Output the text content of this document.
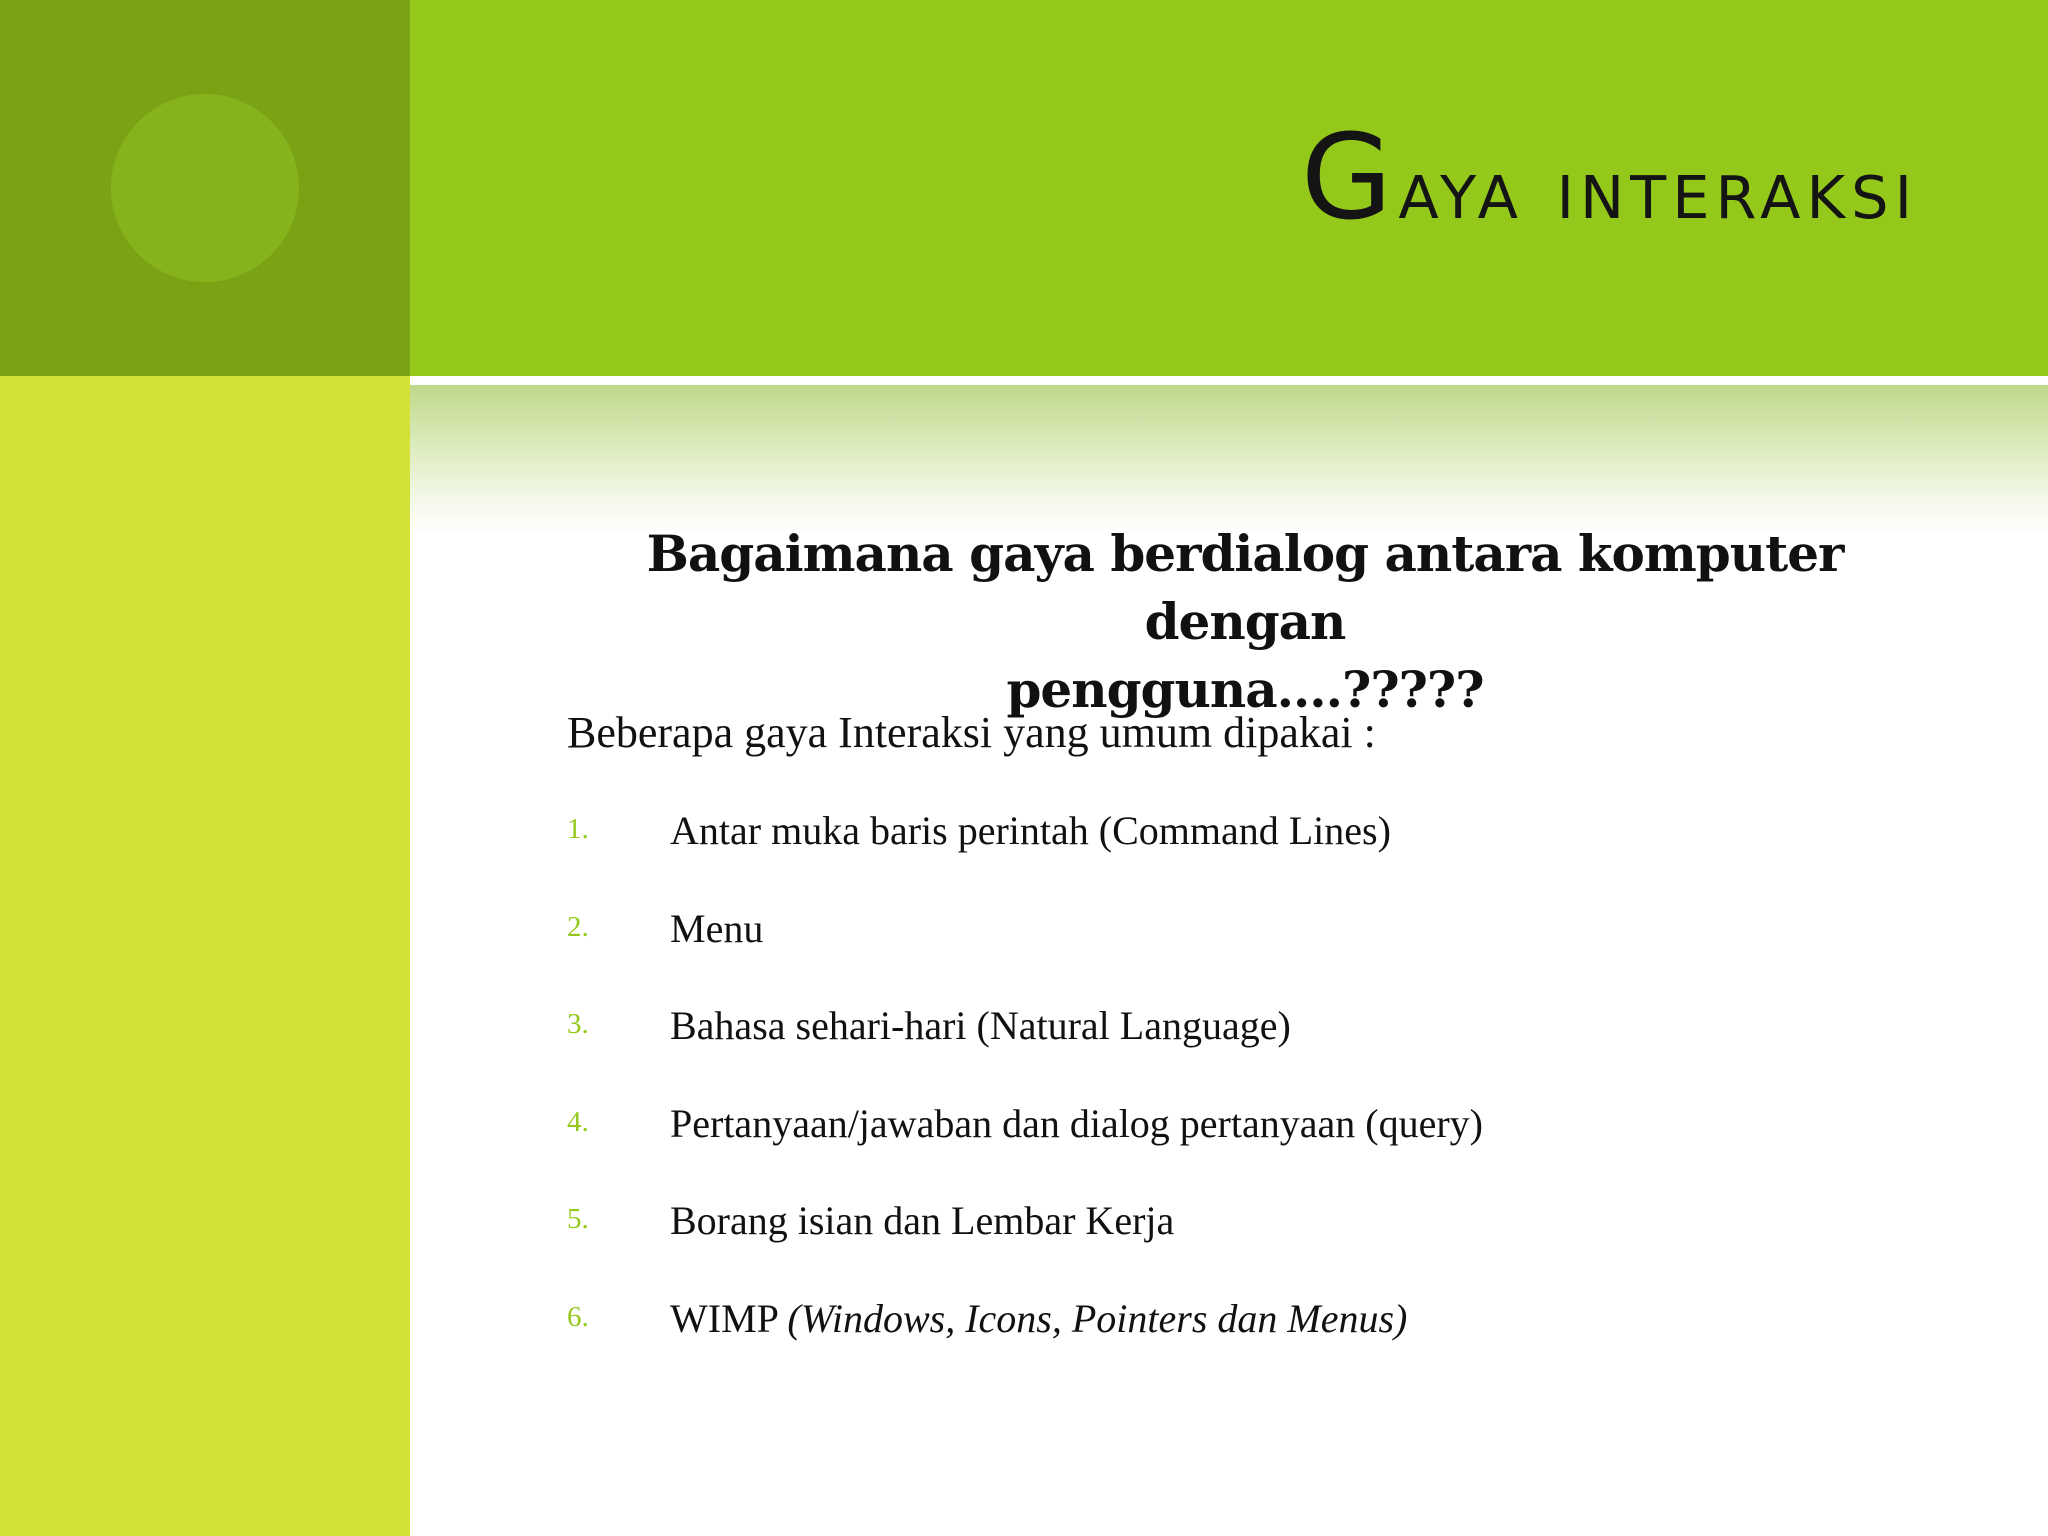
Gaya interaksi
Bagaimana gaya berdialog antara komputer dengan
pengguna….?????

Beberapa gaya Interaksi yang umum dipakai :

1. Antar muka baris perintah (Command Lines)
2. Menu
3. Bahasa sehari-hari (Natural Language)
4. Pertanyaan/jawaban dan dialog pertanyaan (query)
5. Borang isian dan Lembar Kerja
6. WIMP (Windows, Icons, Pointers dan Menus)
